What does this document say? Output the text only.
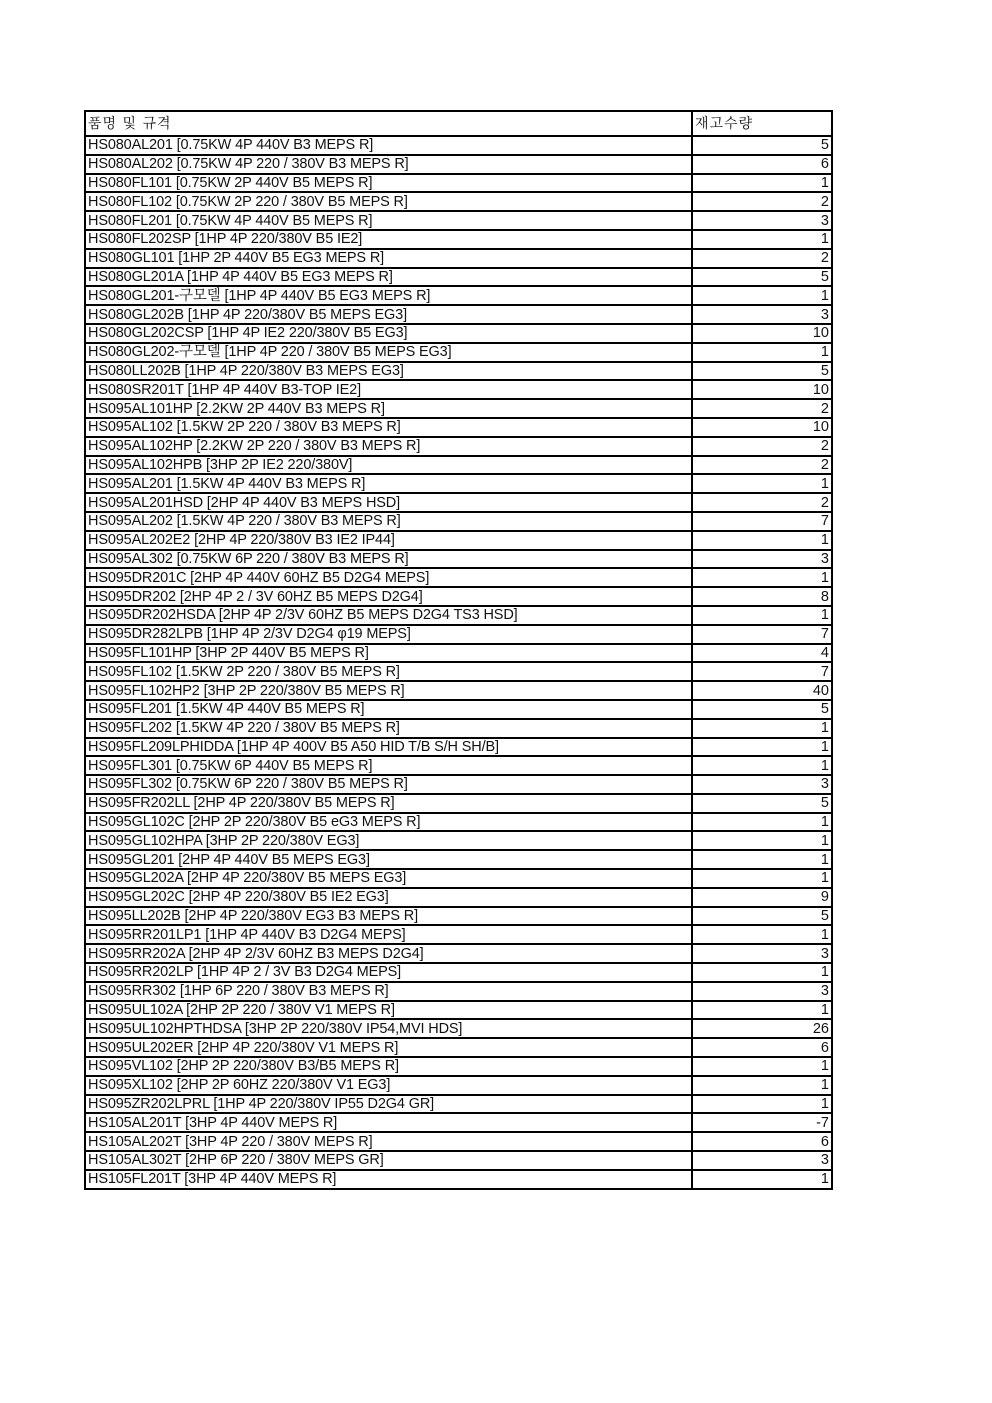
품명 및 규격	재고수량
HS080AL201 [0.75KW 4P 440V B3 MEPS R]	5
HS080AL202 [0.75KW 4P 220 / 380V B3 MEPS R]	6
HS080FL101 [0.75KW 2P 440V B5 MEPS R]	1
HS080FL102 [0.75KW 2P 220 / 380V B5 MEPS R]	2
HS080FL201 [0.75KW 4P 440V B5 MEPS R]	3
HS080FL202SP [1HP 4P 220/380V B5 IE2]	1
HS080GL101 [1HP 2P 440V B5 EG3 MEPS R]	2
HS080GL201A [1HP 4P 440V B5 EG3 MEPS R]	5
HS080GL201-구모델 [1HP 4P 440V B5 EG3 MEPS R]	1
HS080GL202B [1HP 4P 220/380V B5 MEPS EG3]	3
HS080GL202CSP [1HP 4P IE2 220/380V B5 EG3]	10
HS080GL202-구모델 [1HP 4P 220 / 380V B5 MEPS EG3]	1
HS080LL202B [1HP 4P 220/380V B3 MEPS EG3]	5
HS080SR201T [1HP 4P 440V B3-TOP IE2]	10
HS095AL101HP [2.2KW 2P 440V B3 MEPS R]	2
HS095AL102 [1.5KW 2P 220 / 380V B3 MEPS R]	10
HS095AL102HP [2.2KW 2P 220 / 380V B3 MEPS R]	2
HS095AL102HPB [3HP 2P IE2 220/380V]	2
HS095AL201 [1.5KW 4P 440V B3 MEPS R]	1
HS095AL201HSD [2HP 4P 440V B3 MEPS HSD]	2
HS095AL202 [1.5KW 4P 220 / 380V B3 MEPS R]	7
HS095AL202E2 [2HP 4P 220/380V B3 IE2 IP44]	1
HS095AL302 [0.75KW 6P 220 / 380V B3 MEPS R]	3
HS095DR201C [2HP 4P 440V 60HZ B5 D2G4 MEPS]	1
HS095DR202 [2HP 4P 2 / 3V 60HZ B5 MEPS D2G4]	8
HS095DR202HSDA [2HP 4P 2/3V 60HZ B5 MEPS D2G4 TS3 HSD]	1
HS095DR282LPB [1HP 4P 2/3V D2G4 φ19 MEPS]	7
HS095FL101HP [3HP 2P 440V B5 MEPS R]	4
HS095FL102 [1.5KW 2P 220 / 380V B5 MEPS R]	7
HS095FL102HP2 [3HP 2P 220/380V B5 MEPS R]	40
HS095FL201 [1.5KW 4P 440V B5 MEPS R]	5
HS095FL202 [1.5KW 4P 220 / 380V B5 MEPS R]	1
HS095FL209LPHIDDA [1HP 4P 400V B5 A50 HID T/B S/H SH/B]	1
HS095FL301 [0.75KW 6P 440V B5 MEPS R]	1
HS095FL302 [0.75KW 6P 220 / 380V B5 MEPS R]	3
HS095FR202LL [2HP 4P 220/380V B5 MEPS R]	5
HS095GL102C [2HP 2P 220/380V B5 eG3 MEPS R]	1
HS095GL102HPA [3HP 2P 220/380V EG3]	1
HS095GL201 [2HP 4P 440V B5 MEPS EG3]	1
HS095GL202A [2HP 4P 220/380V B5 MEPS EG3]	1
HS095GL202C [2HP 4P 220/380V B5 IE2 EG3]	9
HS095LL202B [2HP 4P 220/380V EG3 B3 MEPS R]	5
HS095RR201LP1 [1HP 4P 440V B3 D2G4 MEPS]	1
HS095RR202A [2HP 4P 2/3V 60HZ B3 MEPS D2G4]	3
HS095RR202LP [1HP 4P 2 / 3V B3 D2G4 MEPS]	1
HS095RR302 [1HP 6P 220 / 380V B3 MEPS R]	3
HS095UL102A [2HP 2P 220 / 380V V1 MEPS R]	1
HS095UL102HPTHDSA [3HP 2P 220/380V IP54,MVI HDS]	26
HS095UL202ER [2HP 4P 220/380V V1 MEPS R]	6
HS095VL102 [2HP 2P 220/380V B3/B5 MEPS R]	1
HS095XL102 [2HP 2P 60HZ 220/380V V1 EG3]	1
HS095ZR202LPRL [1HP 4P 220/380V IP55 D2G4 GR]	1
HS105AL201T [3HP 4P 440V MEPS R]	-7
HS105AL202T [3HP 4P 220 / 380V MEPS R]	6
HS105AL302T [2HP 6P 220 / 380V MEPS GR]	3
HS105FL201T [3HP 4P 440V MEPS R]	1
